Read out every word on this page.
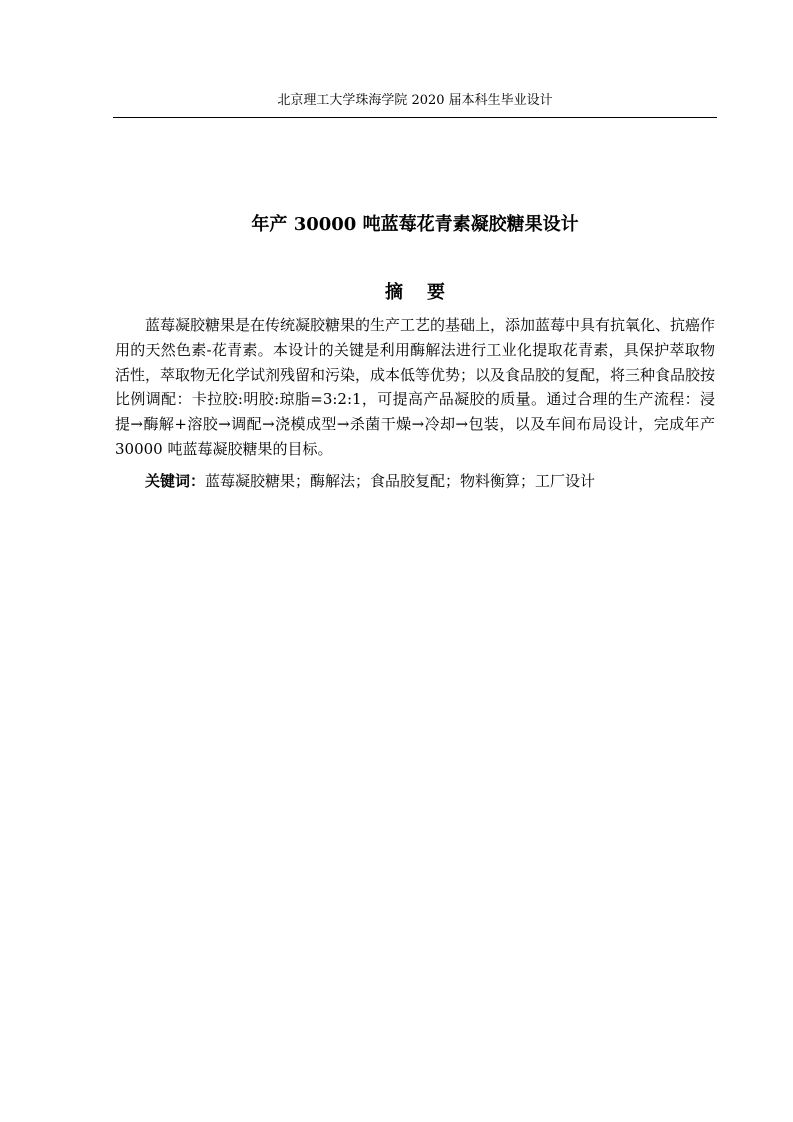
北京理工大学珠海学院 2020 届本科生毕业设计
年产 30000 吨蓝莓花青素凝胶糖果设计
摘要

蓝莓凝胶糖果是在传统凝胶糖果的生产工艺的基础上，添加蓝莓中具有抗氧化、抗癌作用的天然色素-花青素。本设计的关键是利用酶解法进行工业化提取花青素，具保护萃取物活性，萃取物无化学试剂残留和污染，成本低等优势；以及食品胶的复配，将三种食品胶按比例调配：卡拉胶:明胶:琼脂=3:2:1，可提高产品凝胶的质量。通过合理的生产流程：浸提→酶解+溶胶→调配→浇模成型→杀菌干燥→冷却→包装，以及车间布局设计，完成年产 30000 吨蓝莓凝胶糖果的目标。

关键词：蓝莓凝胶糖果；酶解法；食品胶复配；物料衡算；工厂设计
